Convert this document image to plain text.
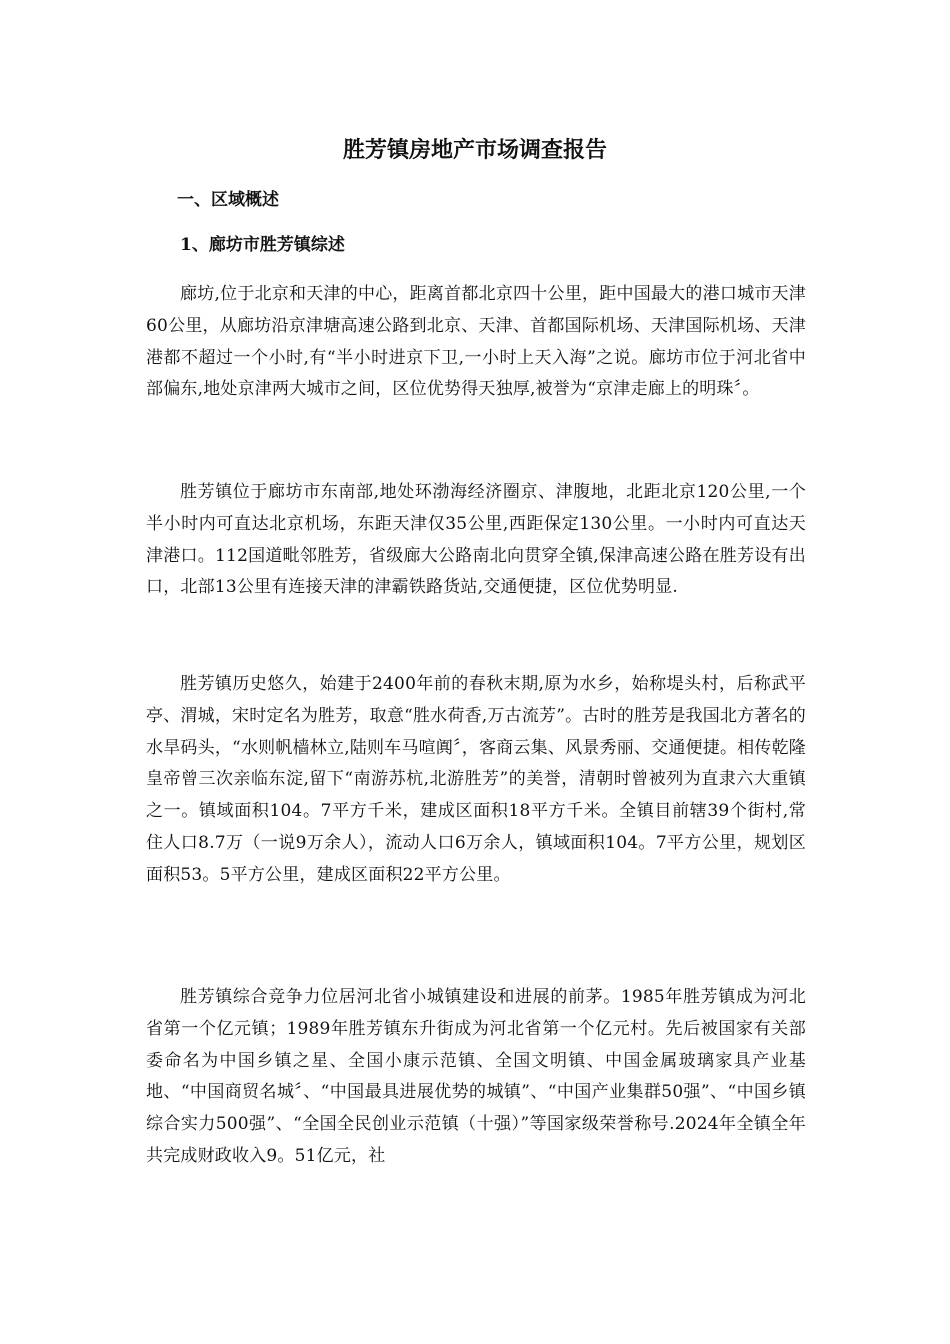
胜芳镇房地产市场调查报告
一、区域概述
1、廊坊市胜芳镇综述

廊坊,位于北京和天津的中心，距离首都北京四十公里，距中国最大的港口城市天津60公里，从廊坊沿京津塘高速公路到北京、天津、首都国际机场、天津国际机场、天津港都不超过一个小时,有“半小时进京下卫,一小时上天入海”之说。廊坊市位于河北省中部偏东,地处京津两大城市之间，区位优势得天独厚,被誉为“京津走廊上的明珠〞。

胜芳镇位于廊坊市东南部,地处环渤海经济圈京、津腹地，北距北京120公里,一个半小时内可直达北京机场，东距天津仅35公里,西距保定130公里。一小时内可直达天津港口。112国道毗邻胜芳，省级廊大公路南北向贯穿全镇,保津高速公路在胜芳设有出口，北部13公里有连接天津的津霸铁路货站,交通便捷，区位优势明显.

胜芳镇历史悠久，始建于2400年前的春秋末期,原为水乡，始称堤头村，后称武平亭、渭城，宋时定名为胜芳，取意“胜水荷香,万古流芳”。古时的胜芳是我国北方著名的水旱码头，“水则帆樯林立,陆则车马喧阗〞，客商云集、风景秀丽、交通便捷。相传乾隆皇帝曾三次亲临东淀,留下“南游苏杭,北游胜芳”的美誉，清朝时曾被列为直隶六大重镇之一。镇域面积104。7平方千米，建成区面积18平方千米。全镇目前辖39个街村,常住人口8.7万（一说9万余人），流动人口6万余人，镇域面积104。7平方公里，规划区面积53。5平方公里，建成区面积22平方公里。

胜芳镇综合竞争力位居河北省小城镇建设和进展的前茅。1985年胜芳镇成为河北省第一个亿元镇；1989年胜芳镇东升街成为河北省第一个亿元村。先后被国家有关部委命名为中国乡镇之星、全国小康示范镇、全国文明镇、中国金属玻璃家具产业基地、“中国商贸名城〞、“中国最具进展优势的城镇”、“中国产业集群50强”、“中国乡镇综合实力500强”、“全国全民创业示范镇（十强）”等国家级荣誉称号.2024年全镇全年共完成财政收入9。51亿元，社
